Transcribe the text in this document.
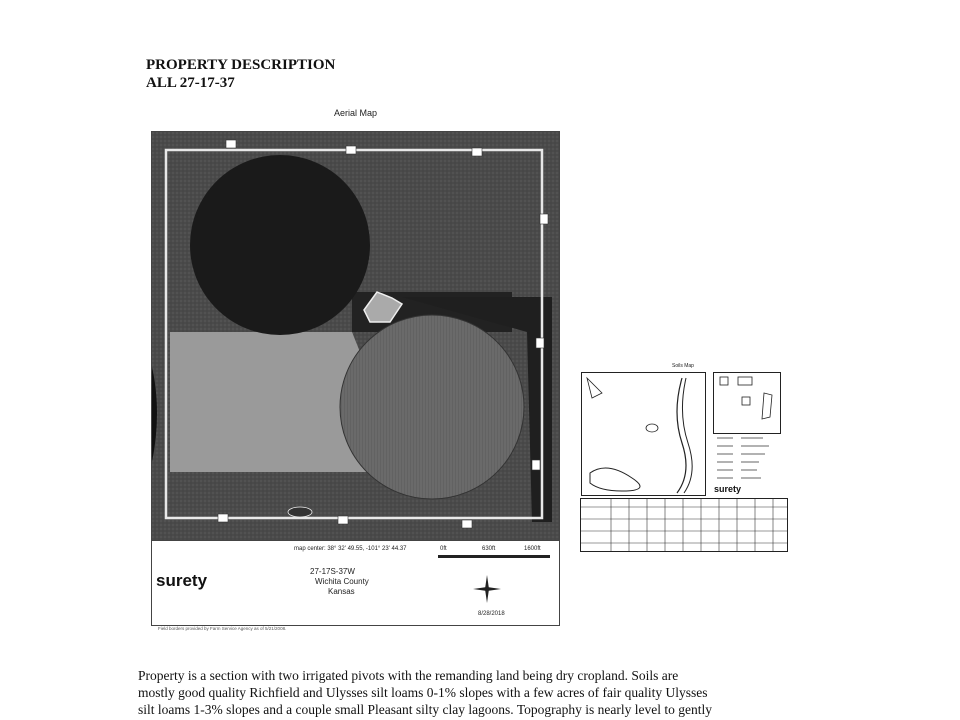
PROPERTY DESCRIPTION
ALL 27-17-37
Aerial Map
map center: 38° 32' 49.55, -101° 23' 44.37	0ft	630ft	1600ft
27-17S-37W
Wichita County
Kansas
8/28/2018
surety
Field borders provided by Farm Service Agency as of 5/21/2008.
Soils Map
surety
Property is a section with two irrigated pivots with the remanding land being dry cropland. Soils are
mostly good quality Richfield and Ulysses silt loams 0-1% slopes with a few acres of fair quality Ulysses
silt loams 1-3% slopes and a couple small Pleasant silty clay lagoons. Topography is nearly level to gently
